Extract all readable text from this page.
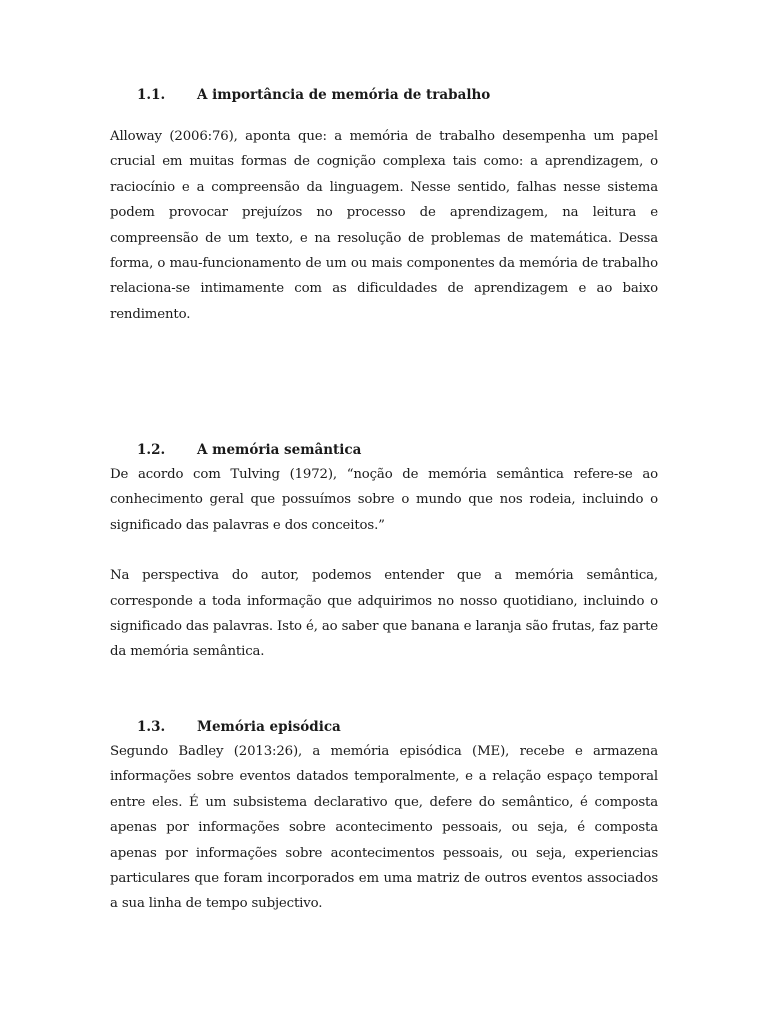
1.1.	A importância de memória de trabalho

Alloway (2006:76), aponta que: a memória de trabalho desempenha um papel crucial em muitas formas de cognição complexa tais como: a aprendizagem, o raciocínio e a compreensão da linguagem. Nesse sentido, falhas nesse sistema podem provocar prejuízos no processo de aprendizagem, na leitura e compreensão de um texto, e na resolução de problemas de matemática. Dessa forma, o mau-funcionamento de um ou mais componentes da memória de trabalho relaciona-se intimamente com as dificuldades de aprendizagem e ao baixo rendimento.

1.2.	A memória semântica

De acordo com Tulving (1972), “noção de memória semântica refere-se ao conhecimento geral que possuímos sobre o mundo que nos rodeia, incluindo o significado das palavras e dos conceitos.”

Na perspectiva do autor, podemos entender que a memória semântica, corresponde a toda informação que adquirimos no nosso quotidiano, incluindo o significado das palavras. Isto é, ao saber que banana e laranja são frutas, faz parte da memória semântica.

1.3.	Memória episódica

Segundo Badley (2013:26), a memória episódica (ME), recebe e armazena informações sobre eventos datados temporalmente, e a relação espaço temporal entre eles. É um subsistema declarativo que, defere do semântico, é composta apenas por informações sobre acontecimento pessoais, ou seja, é composta apenas por informações sobre acontecimentos pessoais, ou seja, experiencias particulares que foram incorporados em uma matriz de outros eventos associados a sua linha de tempo subjectivo.
